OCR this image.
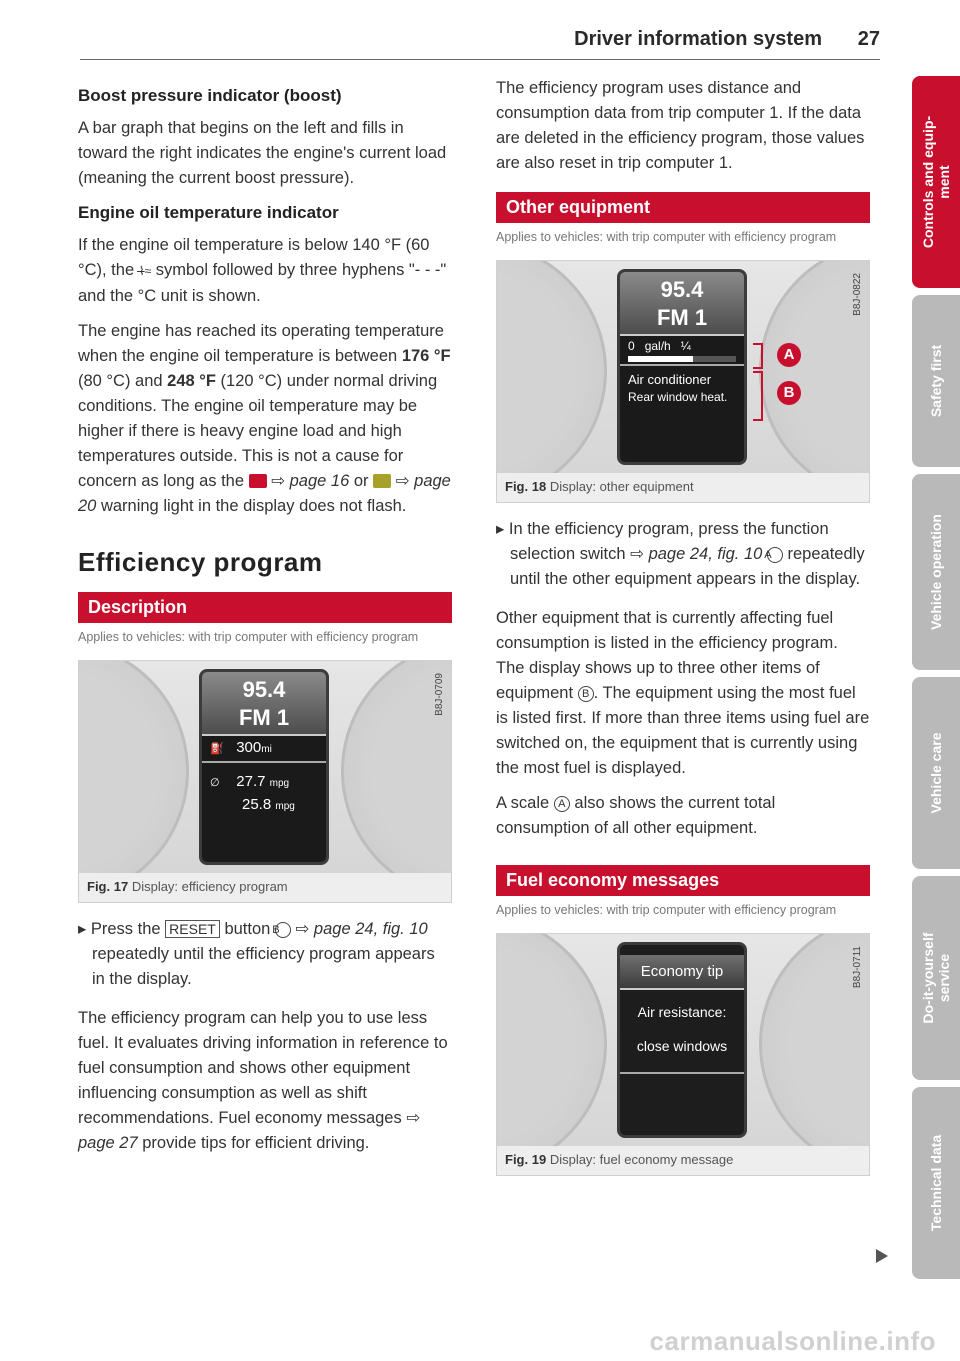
Driver information system 27
Boost pressure indicator (boost)
A bar graph that begins on the left and fills in toward the right indicates the engine's current load (meaning the current boost pressure).
Engine oil temperature indicator
If the engine oil temperature is below 140 °F (60 °C), the ⌇̶≈ symbol followed by three hyphens "- - -" and the °C unit is shown.
The engine has reached its operating temperature when the engine oil temperature is between 176 °F (80 °C) and 248 °F (120 °C) under normal driving conditions. The engine oil temperature may be higher if there is heavy engine load and high temperatures outside. This is not a cause for concern as long as the ⇨ page 16 or ⇨ page 20 warning light in the display does not flash.
Efficiency program
Description
Applies to vehicles: with trip computer with efficiency program
95.4
FM 1
⛽ 300mi
∅ 27.7 mpg
25.8 mpg
B8J-0709
Fig. 17 Display: efficiency program
▸ Press the RESET button B ⇨ page 24, fig. 10 repeatedly until the efficiency program appears in the display.
The efficiency program can help you to use less fuel. It evaluates driving information in reference to fuel consumption and shows other equipment influencing consumption as well as shift recommendations. Fuel economy messages ⇨ page 27 provide tips for efficient driving.
The efficiency program uses distance and consumption data from trip computer 1. If the data are deleted in the efficiency program, those values are also reset in trip computer 1.
Other equipment
Applies to vehicles: with trip computer with efficiency program
95.4
FM 1
0 gal/h ¼
Air conditioner
Rear window heat.
A
B
B8J-0822
Fig. 18 Display: other equipment
▸ In the efficiency program, press the function selection switch ⇨ page 24, fig. 10 A repeatedly until the other equipment appears in the display.
Other equipment that is currently affecting fuel consumption is listed in the efficiency program. The display shows up to three other items of equipment B . The equipment using the most fuel is listed first. If more than three items using fuel are switched on, the equipment that is currently using the most fuel is displayed.
A scale A also shows the current total consumption of all other equipment.
Fuel economy messages
Applies to vehicles: with trip computer with efficiency program
Economy tip
Air resistance:
close windows
B8J-0711
Fig. 19 Display: fuel economy message
Controls and equip- ment
Safety first
Vehicle operation
Vehicle care
Do-it-yourself service
Technical data
carmanualsonline.info
